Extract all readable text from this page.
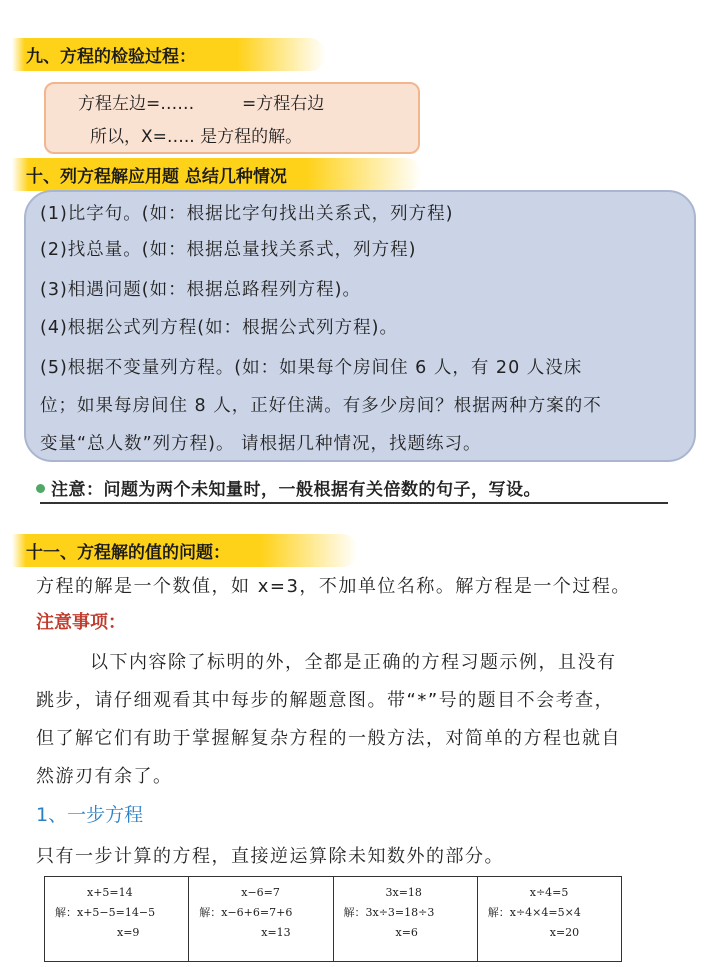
九、方程的检验过程：
方程左边=……	=方程右边
所以，X=….. 是方程的解。
十、列方程解应用题 总结几种情况
(1)比字句。(如：根据比字句找出关系式，列方程)
(2)找总量。(如：根据总量找关系式，列方程)
(3)相遇问题(如：根据总路程列方程)。
(4)根据公式列方程(如：根据公式列方程)。
(5)根据不变量列方程。(如：如果每个房间住 6 人，有 20 人没床
位；如果每房间住 8 人，正好住满。有多少房间？根据两种方案的不
变量“总人数”列方程)。 请根据几种情况，找题练习。
注意：问题为两个未知量时，一般根据有关倍数的句子，写设。
十一、方程解的值的问题：
方程的解是一个数值，如 x=3，不加单位名称。解方程是一个过程。
注意事项：
以下内容除了标明的外，全都是正确的方程习题示例，且没有
跳步，请仔细观看其中每步的解题意图。带“*”号的题目不会考查，
但了解它们有助于掌握解复杂方程的一般方法，对简单的方程也就自
然游刃有余了。
1、一步方程
只有一步计算的方程，直接逆运算除未知数外的部分。
x+5=14
解：x+5−5=14−5
x=9

x−6=7
解：x−6+6=7+6
x=13

3x=18
解：3x÷3=18÷3
x=6

x÷4=5
解：x÷4×4=5×4
x=20
